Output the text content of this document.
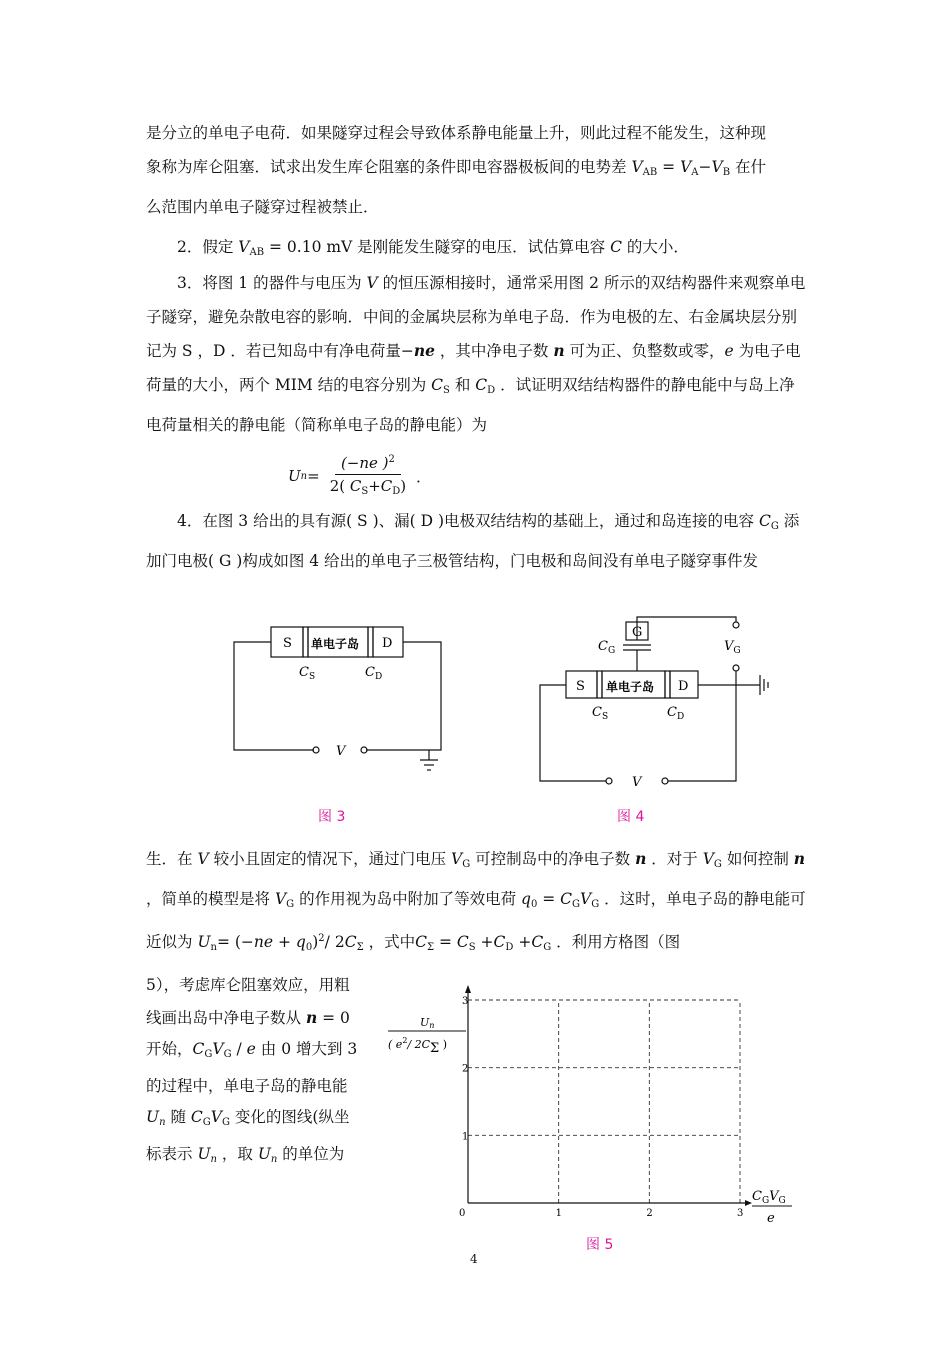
是分立的单电子电荷．如果隧穿过程会导致体系静电能量上升，则此过程不能发生，这种现
象称为库仑阻塞．试求出发生库仑阻塞的条件即电容器极板间的电势差 $V_{AB} = V_A-V_B$ 在什
么范围内单电子隧穿过程被禁止．

2．假定 $V_{AB} = 0.10$ mV 是刚能发生隧穿的电压．试估算电容 C 的大小．

3．将图 1 的器件与电压为 V 的恒压源相接时，通常采用图 2 所示的双结构器件来观察单电子隧穿，避免杂散电容的影响．中间的金属块层称为单电子岛．作为电极的左、右金属块层分别记为 S ，D ．若已知岛中有净电荷量−ne ，其中净电子数 n 可为正、负整数或零，e 为电子电荷量的大小，两个 MIM 结的电容分别为 $C_S$ 和 $C_D$ ．试证明双结结构器件的静电能中与岛上净电荷量相关的静电能（简称单电子岛的静电能）为

U $n = \frac{(-ne )^2}{2( C_S+C_D)}$ ．

4．在图 3 给出的具有源( S )、漏( D )电极双结结构的基础上，通过和岛连接的电容 $C_G$ 添加门电极( G )构成如图 4 给出的单电子三极管结构，门电极和岛间没有单电子隧穿事件发

S 单电子岛 D
$C_S$	$C_D$
V
G
$C_G$	$V_G$
S 单电子岛 D
$C_S$	$C_D$
V
图 3	图 4

生．在 V 较小且固定的情况下，通过门电压 $V_G$ 可控制岛中的净电子数 n ．对于 $V_G$ 如何控制 n ，简单的模型是将 $V_G$ 的作用视为岛中附加了等效电荷 $q_0 = C_GV_G$ ．这时，单电子岛的静电能可近似为 $U_n= (-ne + q_0)^2/$ $2C_\Sigma$ ，式中$C_\Sigma = C_S +C_D +C_G$ ．利用方格图（图

5），考虑库仑阻塞效应，用粗
线画出岛中净电子数从 n = 0
开始，$C_GV_G$ / e 由 0 增大到 3
的过程中，单电子岛的静电能
$U_n$ 随 $C_GV_G$ 变化的图线(纵坐
标表示 $U_n$ ，取 $U_n$ 的单位为

0	1	2	3
1
2
3
Un
( $e^2/$ 2CΣ )
$C_GV_G$
e
图 5
4
